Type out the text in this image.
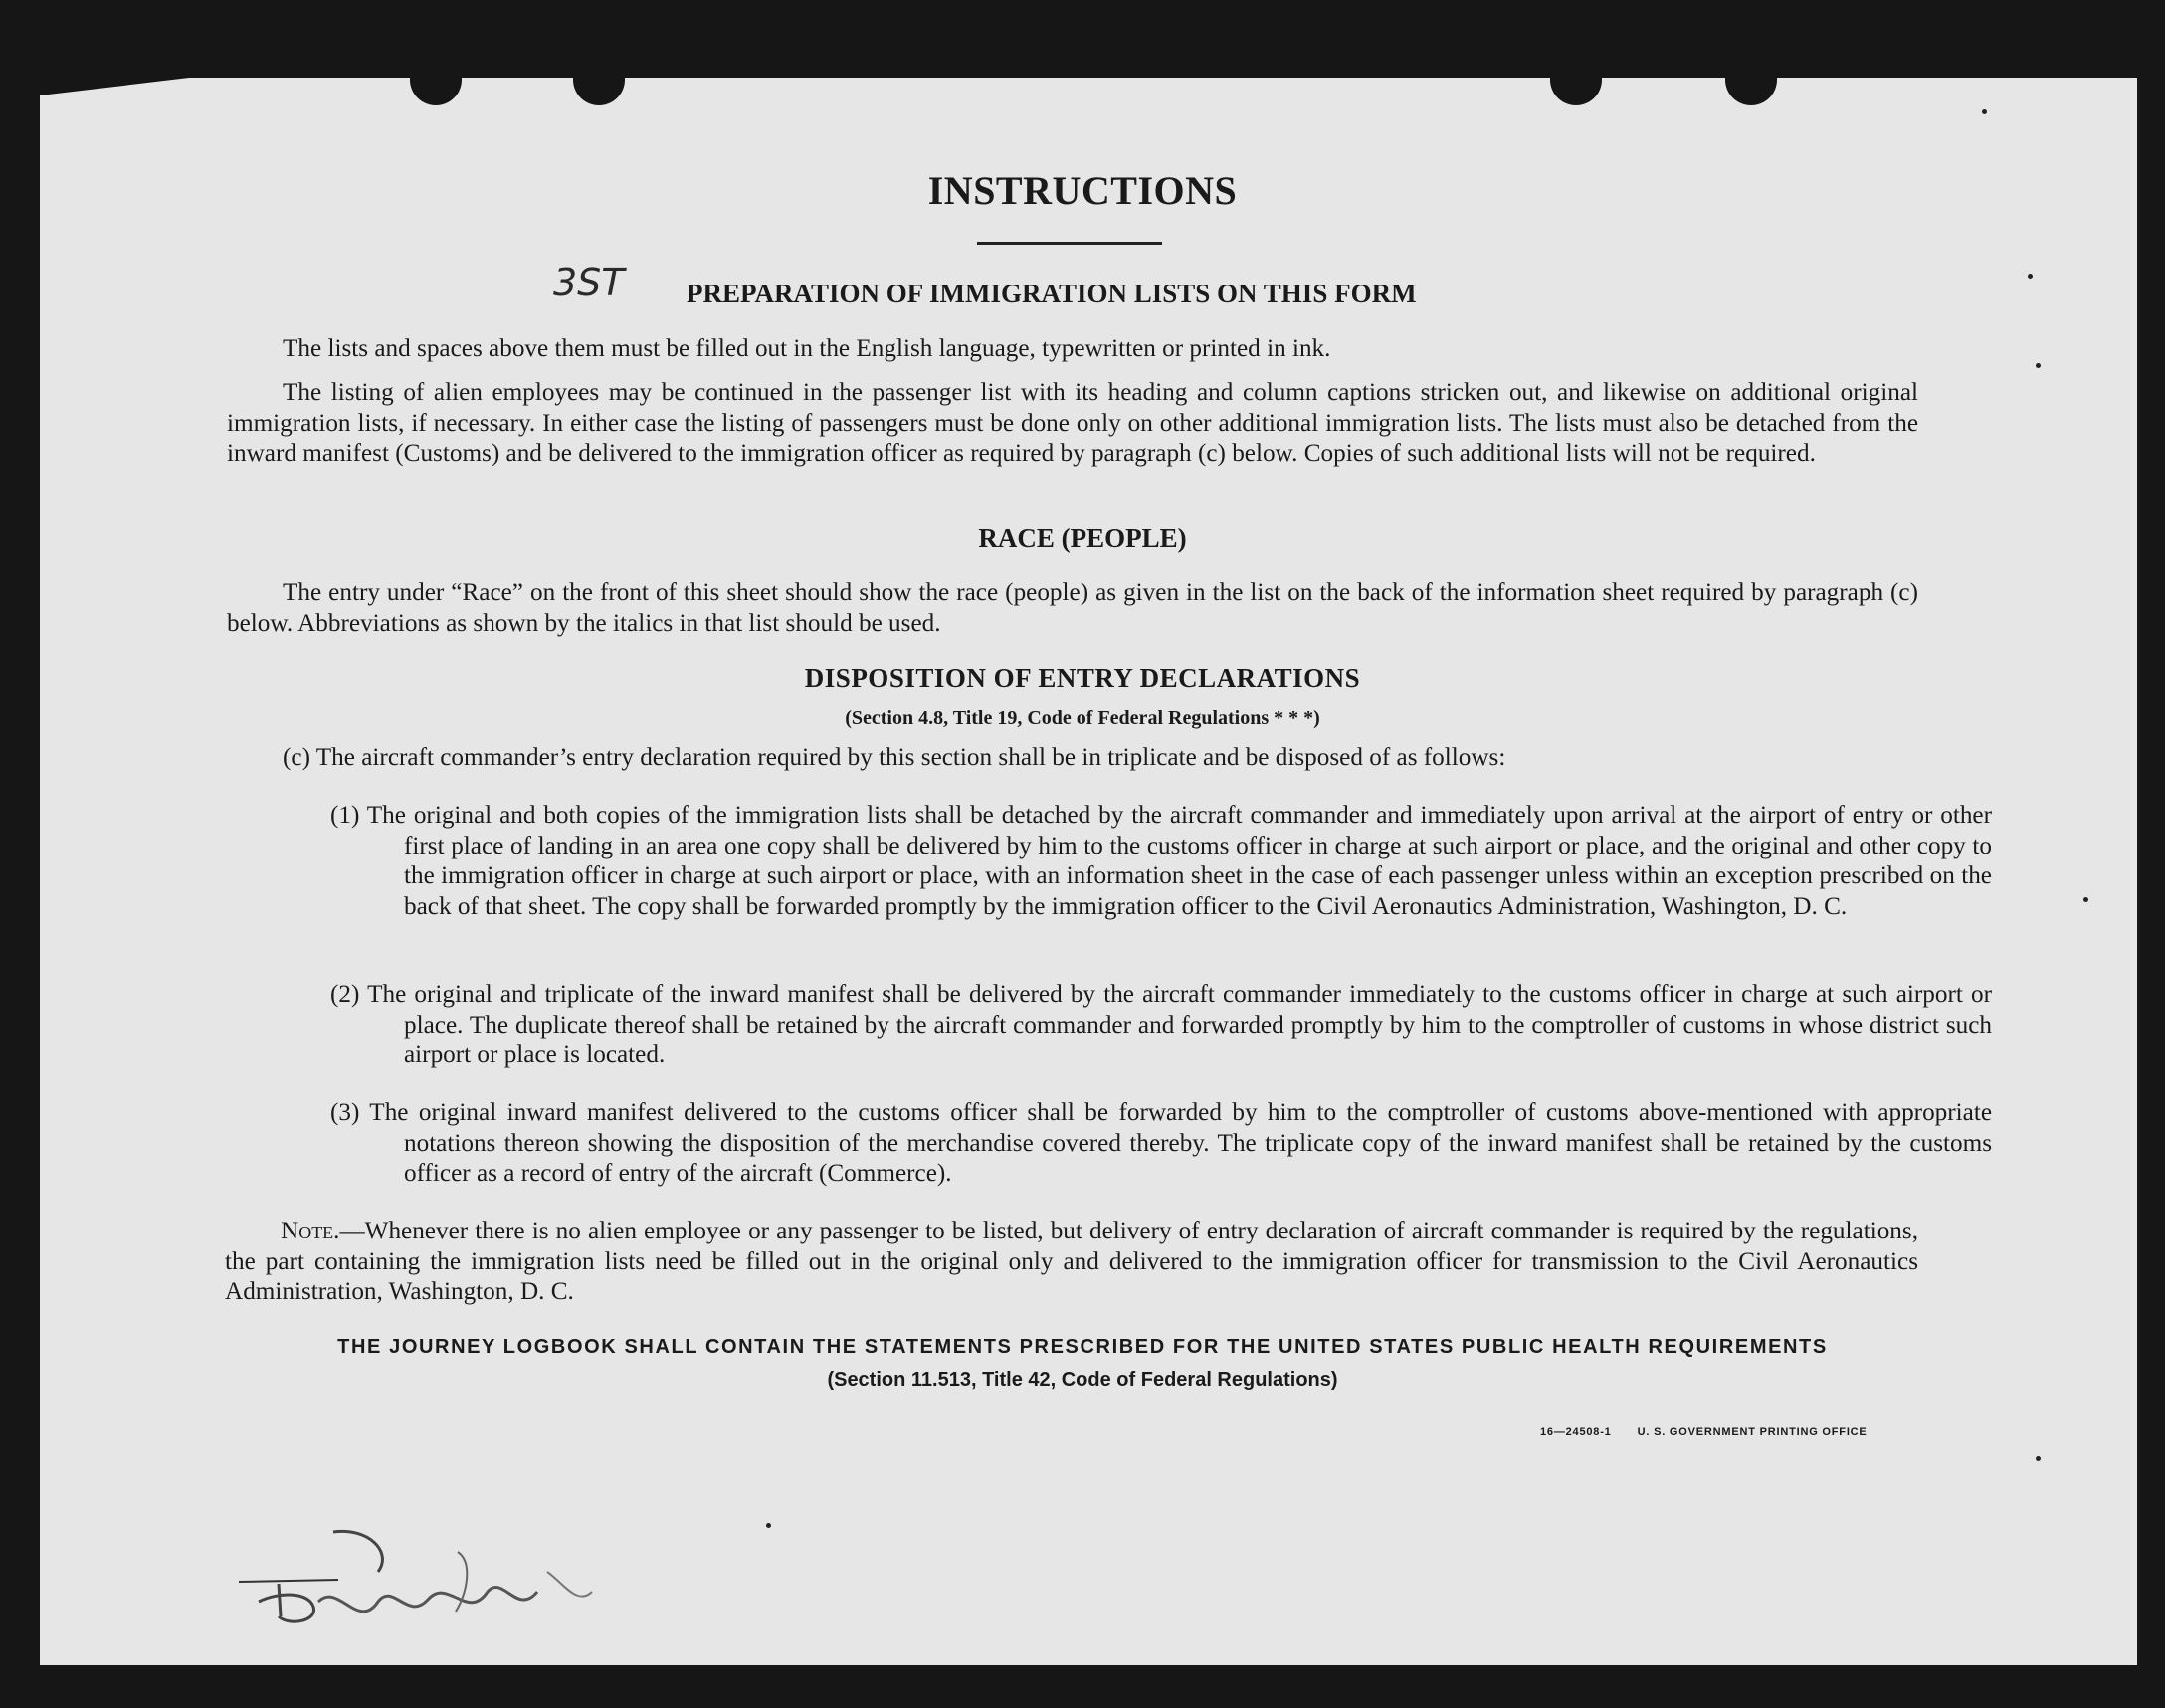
INSTRUCTIONS
3ST PREPARATION OF IMMIGRATION LISTS ON THIS FORM
The lists and spaces above them must be filled out in the English language, typewritten or printed in ink.
The listing of alien employees may be continued in the passenger list with its heading and column captions stricken out, and likewise on additional original immigration lists, if necessary. In either case the listing of passengers must be done only on other additional immigration lists. The lists must also be detached from the inward manifest (Customs) and be delivered to the immigration officer as required by paragraph (c) below. Copies of such additional lists will not be required.
RACE (PEOPLE)
The entry under “Race” on the front of this sheet should show the race (people) as given in the list on the back of the information sheet required by paragraph (c) below. Abbreviations as shown by the italics in that list should be used.
DISPOSITION OF ENTRY DECLARATIONS
(Section 4.8, Title 19, Code of Federal Regulations * * *)
(c) The aircraft commander’s entry declaration required by this section shall be in triplicate and be disposed of as follows:
(1) The original and both copies of the immigration lists shall be detached by the aircraft commander and immediately upon arrival at the airport of entry or other first place of landing in an area one copy shall be delivered by him to the customs officer in charge at such airport or place, and the original and other copy to the immigration officer in charge at such airport or place, with an information sheet in the case of each passenger unless within an exception prescribed on the back of that sheet. The copy shall be forwarded promptly by the immigration officer to the Civil Aeronautics Administration, Washington, D. C.
(2) The original and triplicate of the inward manifest shall be delivered by the aircraft commander immediately to the customs officer in charge at such airport or place. The duplicate thereof shall be retained by the aircraft commander and forwarded promptly by him to the comptroller of customs in whose district such airport or place is located.
(3) The original inward manifest delivered to the customs officer shall be forwarded by him to the comptroller of customs above-mentioned with appropriate notations thereon showing the disposition of the merchandise covered thereby. The triplicate copy of the inward manifest shall be retained by the customs officer as a record of entry of the aircraft (Commerce).
Note.—Whenever there is no alien employee or any passenger to be listed, but delivery of entry declaration of aircraft commander is required by the regulations, the part containing the immigration lists need be filled out in the original only and delivered to the immigration officer for transmission to the Civil Aeronautics Administration, Washington, D. C.
THE JOURNEY LOGBOOK SHALL CONTAIN THE STATEMENTS PRESCRIBED FOR THE UNITED STATES PUBLIC HEALTH REQUIREMENTS
(Section 11.513, Title 42, Code of Federal Regulations)
16—24508-1 U. S. GOVERNMENT PRINTING OFFICE
